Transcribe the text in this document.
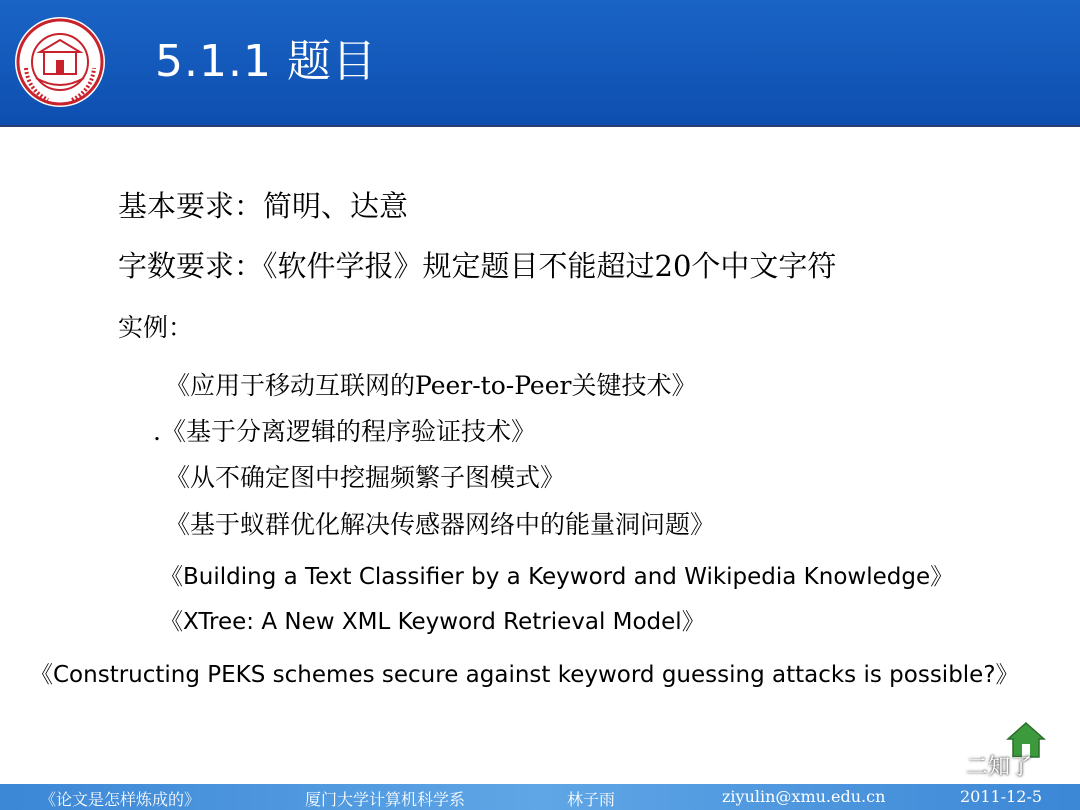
5.1.1 题目
基本要求：简明、达意
字数要求：《软件学报》规定题目不能超过20个中文字符
实例：
《应用于移动互联网的Peer-to-Peer关键技术》
.《基于分离逻辑的程序验证技术》
《从不确定图中挖掘频繁子图模式》
《基于蚁群优化解决传感器网络中的能量洞问题》
《Building a Text Classifier by a Keyword and Wikipedia Knowledge》
《XTree: A New XML Keyword Retrieval Model》
《Constructing PEKS schemes secure against keyword guessing attacks is possible?》
二知了
《论文是怎样炼成的》	厦门大学计算机科学系	林子雨	ziyulin@xmu.edu.cn	2011-12-5
